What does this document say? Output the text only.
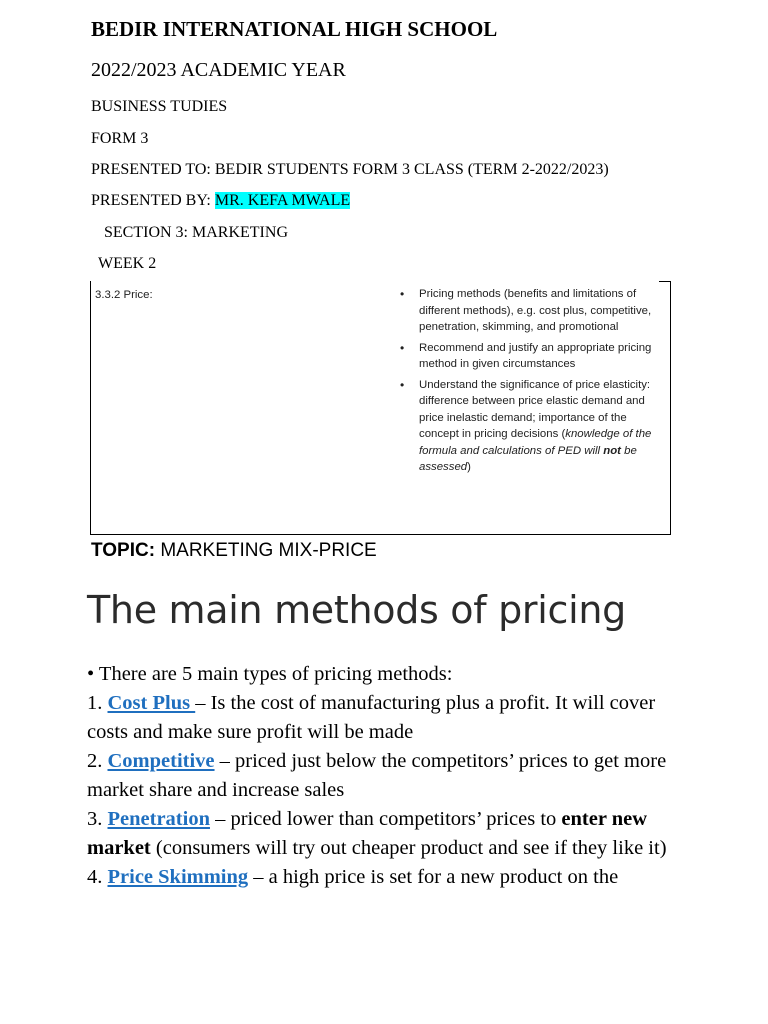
BEDIR INTERNATIONAL HIGH SCHOOL
2022/2023 ACADEMIC YEAR
BUSINESS TUDIES
FORM 3
PRESENTED TO: BEDIR STUDENTS FORM 3 CLASS (TERM 2-2022/2023)
PRESENTED BY: MR. KEFA MWALE
SECTION 3: MARKETING
WEEK 2
3.3.2 Price:	• Pricing methods (benefits and limitations of different methods), e.g. cost plus, competitive, penetration, skimming, and promotional
• Recommend and justify an appropriate pricing method in given circumstances
• Understand the significance of price elasticity: difference between price elastic demand and price inelastic demand; importance of the concept in pricing decisions (knowledge of the formula and calculations of PED will not be assessed)
TOPIC: MARKETING MIX-PRICE
The main methods of pricing

• There are 5 main types of pricing methods:

1. Cost Plus – Is the cost of manufacturing plus a profit. It will cover costs and make sure profit will be made

2. Competitive – priced just below the competitors’ prices to get more market share and increase sales

3. Penetration – priced lower than competitors’ prices to enter new market (consumers will try out cheaper product and see if they like it)

4. Price Skimming – a high price is set for a new product on the
